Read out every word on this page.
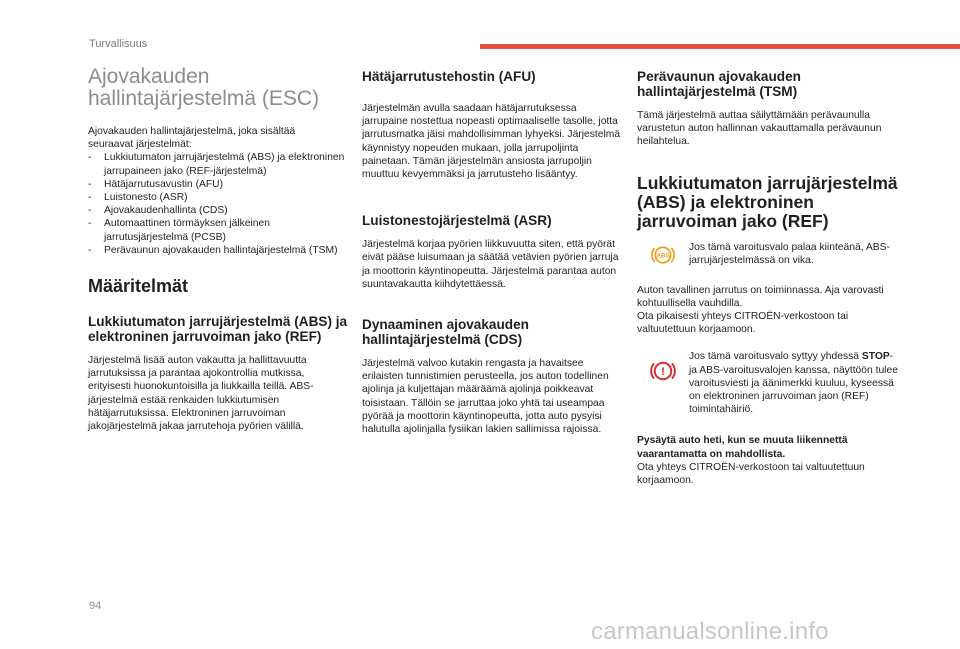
Turvallisuus
Ajovakauden
hallintajärjestelmä (ESC)

Ajovakauden hallintajärjestelmä, joka sisältää
seuraavat järjestelmät:

- Lukkiutumaton jarrujärjestelmä (ABS) ja elektroninen jarrupaineen jako (REF-järjestelmä)
- Hätäjarrutusavustin (AFU)
- Luistonesto (ASR)
- Ajovakaudenhallinta (CDS)
- Automaattinen törmäyksen jälkeinen jarrutusjärjestelmä (PCSB)
- Perävaunun ajovakauden hallintajärjestelmä (TSM)
Määritelmät
Lukkiutumaton jarrujärjestelmä (ABS) ja elektroninen jarruvoiman jako (REF)

Järjestelmä lisää auton vakautta ja hallittavuutta jarrutuksissa ja parantaa ajokontrollia mutkissa, erityisesti huonokuntoisilla ja liukkailla teillä. ABS-järjestelmä estää renkaiden lukkiutumisen hätäjarrutuksissa. Elektroninen jarruvoiman jakojärjestelmä jakaa jarrutehoja pyörien välillä.

Hätäjarrutustehostin (AFU)

Järjestelmän avulla saadaan hätäjarrutuksessa jarrupaine nostettua nopeasti optimaaliselle tasolle, jotta jarrutusmatka jäisi mahdollisimman lyhyeksi. Järjestelmä käynnistyy nopeuden mukaan, jolla jarrupoljinta painetaan. Tämän järjestelmän ansiosta jarrupoljin muuttuu kevyemmäksi ja jarrutusteho lisääntyy.

Luistonestojärjestelmä (ASR)

Järjestelmä korjaa pyörien liikkuvuutta siten, että pyörät eivät pääse luisumaan ja säätää vetävien pyörien jarruja ja moottorin käyntinopeutta. Järjestelmä parantaa auton suuntavakautta kiihdytettäessä.

Dynaaminen ajovakauden hallintajärjestelmä (CDS)

Järjestelmä valvoo kutakin rengasta ja havaitsee erilaisten tunnistimien perusteella, jos auton todellinen ajolinja ja kuljettajan määräämä ajolinja poikkeavat toisistaan. Tällöin se jarruttaa joko yhtä tai useampaa pyörää ja moottorin käyntinopeutta, jotta auto pysyisi halutulla ajolinjalla fysiikan lakien sallimissa rajoissa.

Perävaunun ajovakauden hallintajärjestelmä (TSM)

Tämä järjestelmä auttaa säilyttämään perävaunulla varustetun auton hallinnan vakauttamalla perävaunun heilahtelua.

Lukkiutumaton jarrujärjestelmä (ABS) ja elektroninen jarruvoiman jako (REF)
ABS

Jos tämä varoitusvalo palaa kiinteänä, ABS-jarrujärjestelmässä on vika.

Auton tavallinen jarrutus on toiminnassa. Aja varovasti kohtuullisella vauhdilla.

Ota pikaisesti yhteys CITROËN-verkostoon tai valtuutettuun korjaamoon.

!

Jos tämä varoitusvalo syttyy yhdessä STOP- ja ABS-varoitusvalojen kanssa, näyttöön tulee varoitusviesti ja äänimerkki kuuluu, kyseessä on elektroninen jarruvoiman jaon (REF) toimintahäiriö.

Pysäytä auto heti, kun se muuta liikennettä vaarantamatta on mahdollista.

Ota yhteys CITROËN-verkostoon tai valtuutettuun korjaamoon.

94
carmanualsonline.info
